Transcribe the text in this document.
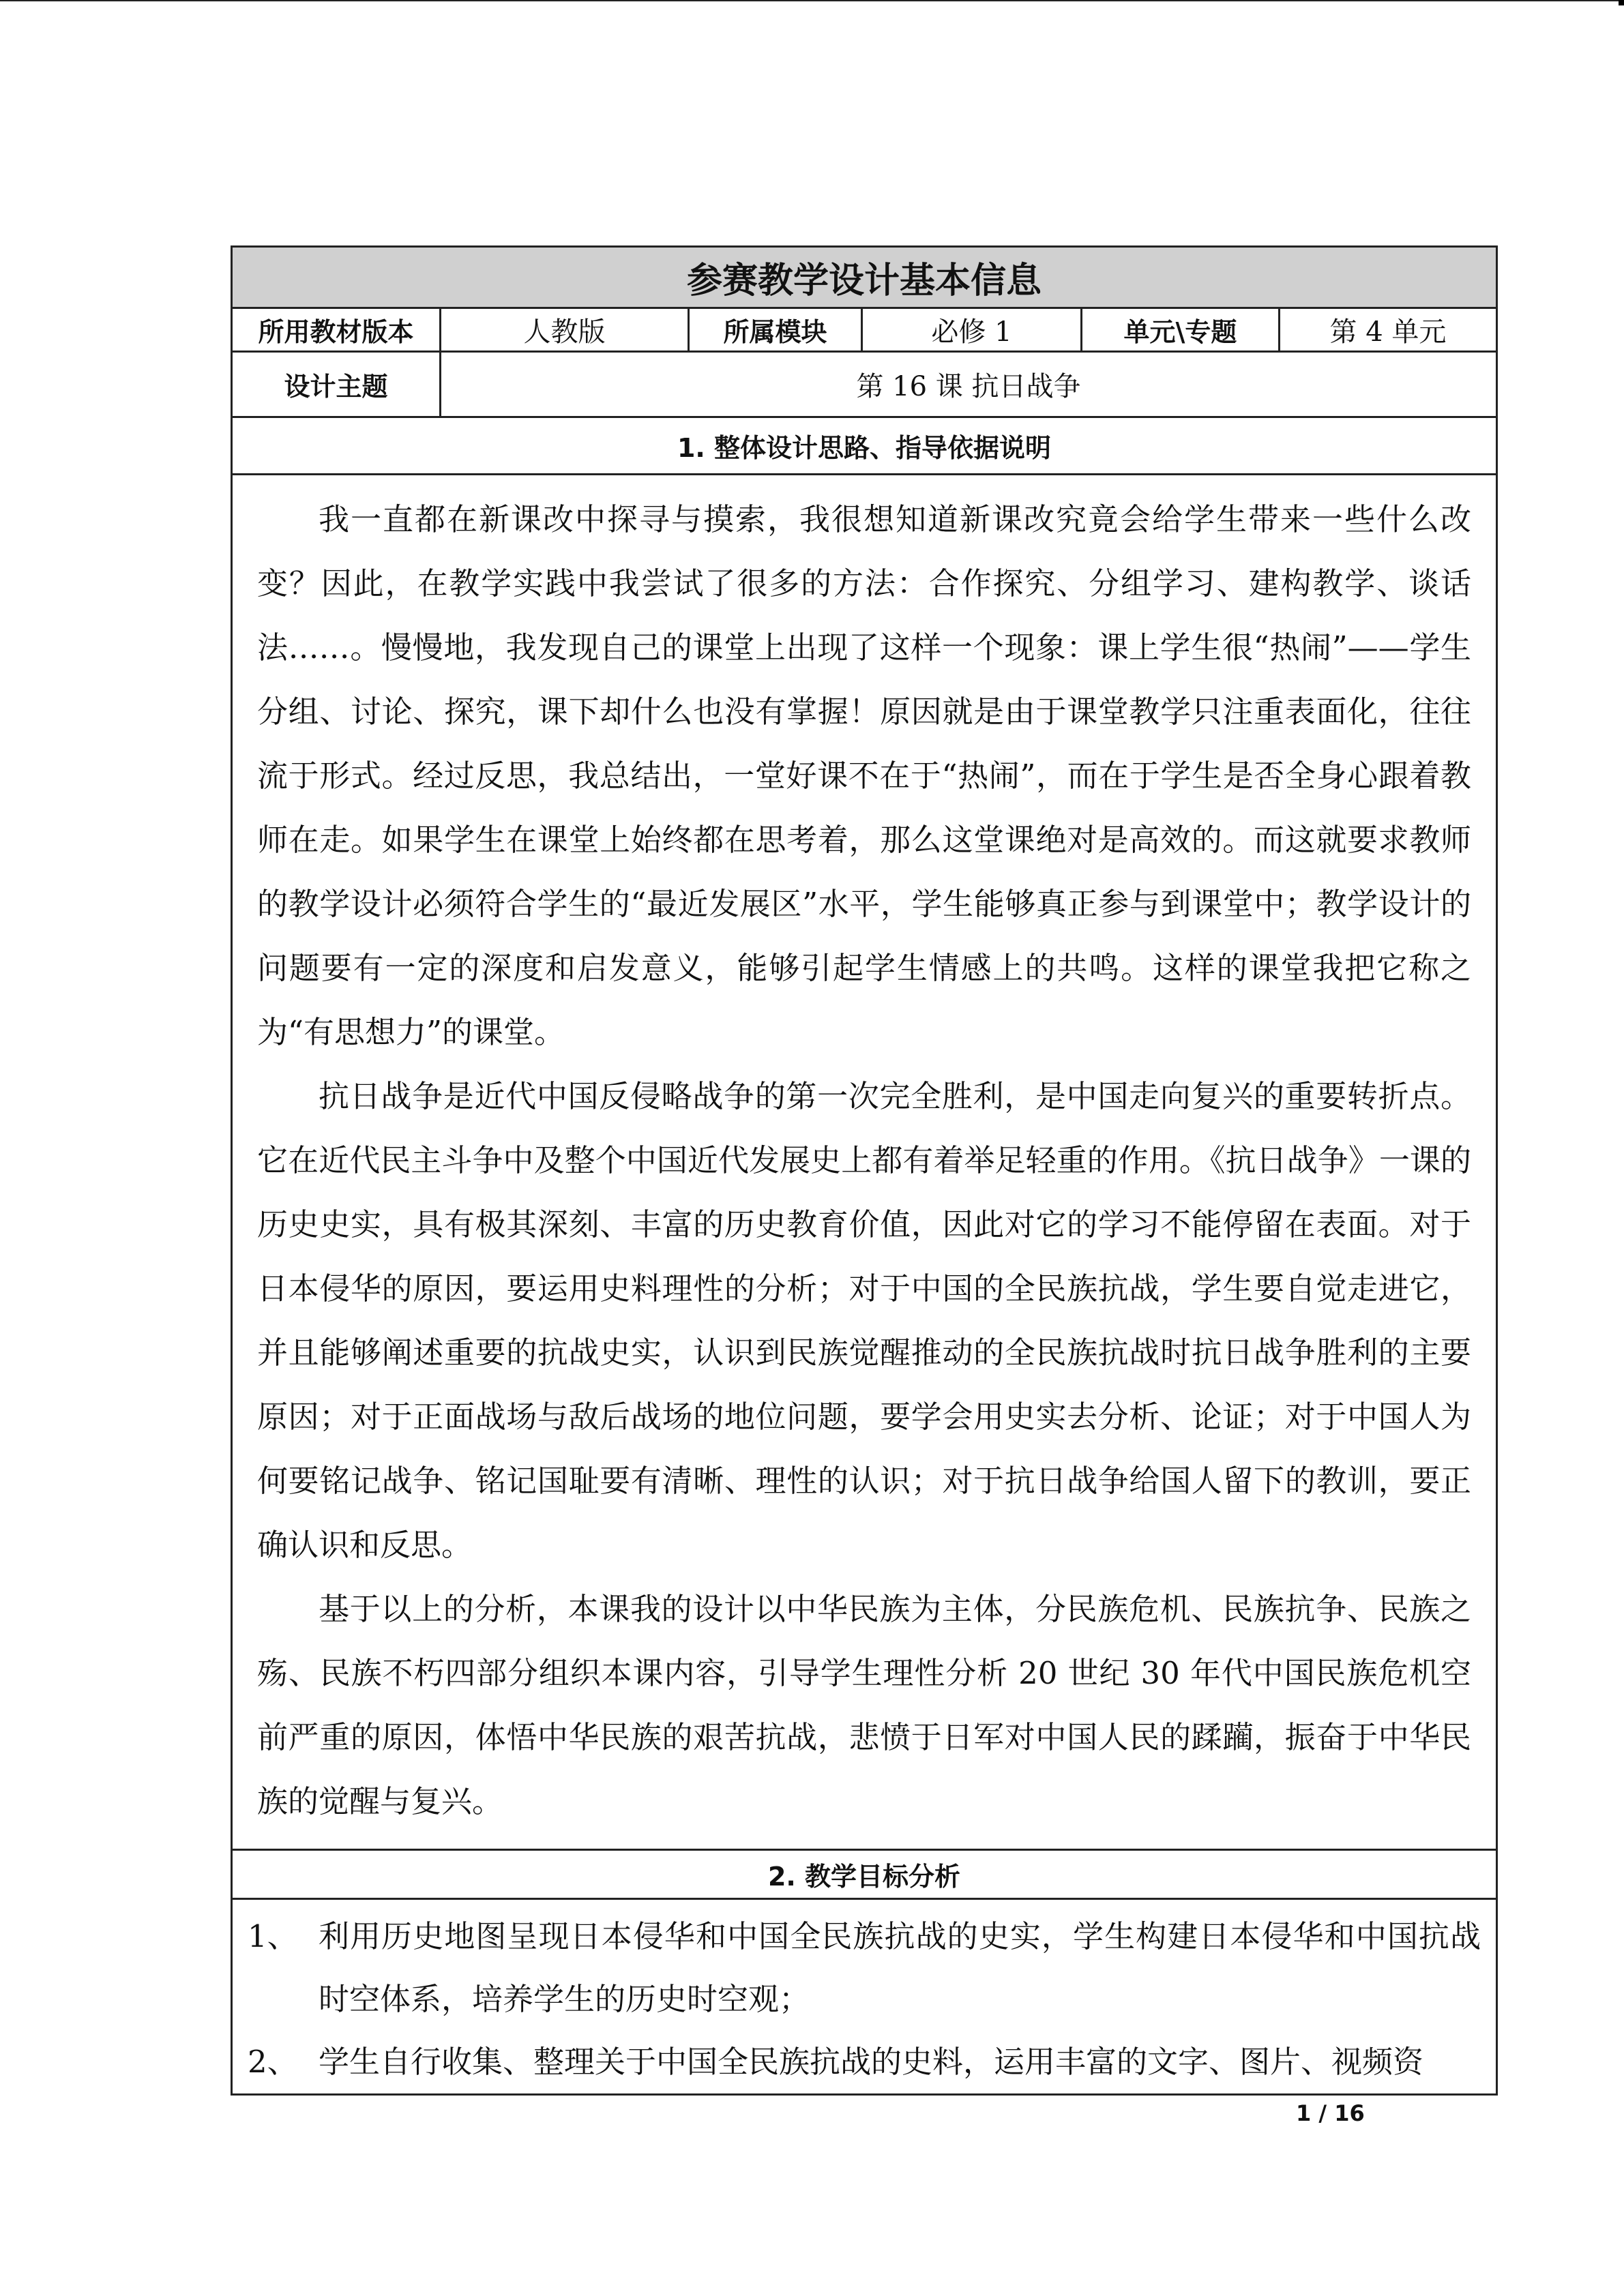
参赛教学设计基本信息
所用教材版本	人教版	所属模块	必修 1	单元\专题	第 4 单元
设计主题	第 16 课 抗日战争
1. 整体设计思路、指导依据说明

我一直都在新课改中探寻与摸索，我很想知道新课改究竟会给学生带来一些什么改变？因此，在教学实践中我尝试了很多的方法：合作探究、分组学习、建构教学、谈话法……。慢慢地，我发现自己的课堂上出现了这样一个现象：课上学生很“热闹”——学生分组、讨论、探究，课下却什么也没有掌握！原因就是由于课堂教学只注重表面化，往往流于形式。经过反思，我总结出，一堂好课不在于“热闹”，而在于学生是否全身心跟着教师在走。如果学生在课堂上始终都在思考着，那么这堂课绝对是高效的。而这就要求教师的教学设计必须符合学生的“最近发展区”水平，学生能够真正参与到课堂中；教学设计的问题要有一定的深度和启发意义，能够引起学生情感上的共鸣。这样的课堂我把它称之为“有思想力”的课堂。

抗日战争是近代中国反侵略战争的第一次完全胜利，是中国走向复兴的重要转折点。它在近代民主斗争中及整个中国近代发展史上都有着举足轻重的作用。《抗日战争》一课的历史史实，具有极其深刻、丰富的历史教育价值，因此对它的学习不能停留在表面。对于日本侵华的原因，要运用史料理性的分析；对于中国的全民族抗战，学生要自觉走进它，并且能够阐述重要的抗战史实，认识到民族觉醒推动的全民族抗战时抗日战争胜利的主要原因；对于正面战场与敌后战场的地位问题，要学会用史实去分析、论证；对于中国人为何要铭记战争、铭记国耻要有清晰、理性的认识；对于抗日战争给国人留下的教训，要正确认识和反思。

基于以上的分析，本课我的设计以中华民族为主体，分民族危机、民族抗争、民族之殇、民族不朽四部分组织本课内容，引导学生理性分析 20 世纪 30 年代中国民族危机空前严重的原因，体悟中华民族的艰苦抗战，悲愤于日军对中国人民的蹂躏，振奋于中华民族的觉醒与复兴。

2. 教学目标分析
1、 利用历史地图呈现日本侵华和中国全民族抗战的史实，学生构建日本侵华和中国抗战时空体系，培养学生的历史时空观；
2、 学生自行收集、整理关于中国全民族抗战的史料，运用丰富的文字、图片、视频资
1 / 16
